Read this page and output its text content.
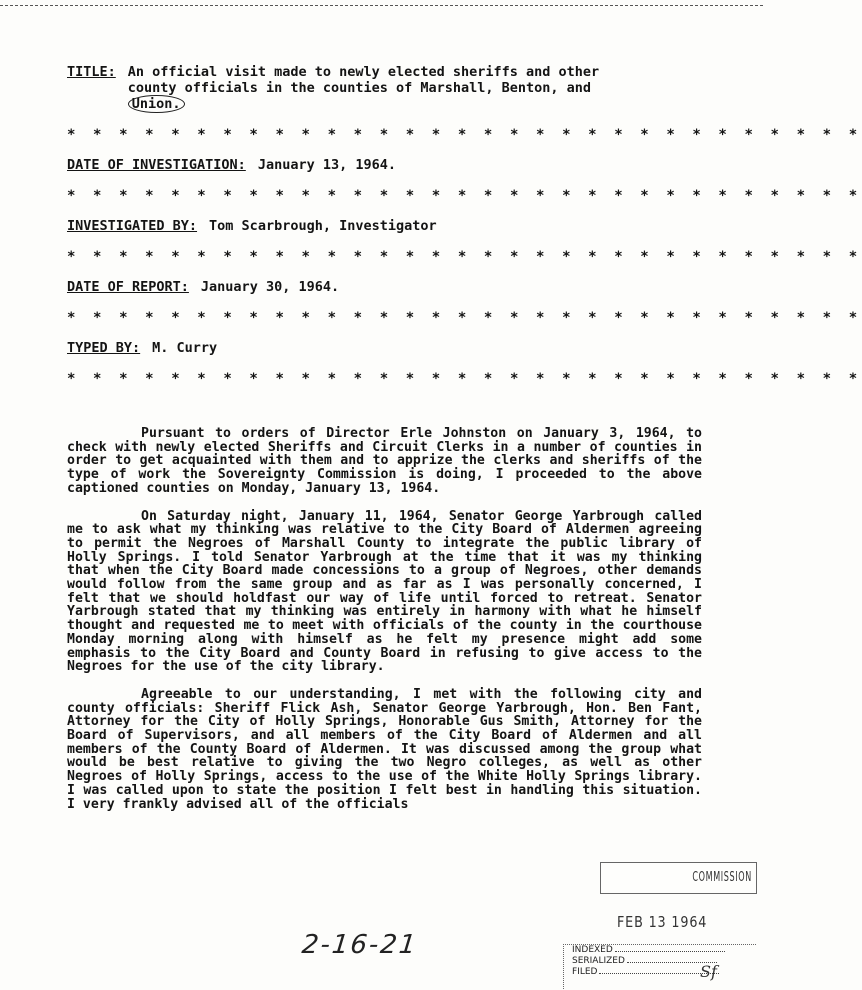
TITLE: An official visit made to newly elected sheriffs and other
county officials in the counties of Marshall, Benton, and
Union.
* * * * * * * * * * * * * * * * * * * * * * * * * * * * * * *
DATE OF INVESTIGATION: January 13, 1964.
* * * * * * * * * * * * * * * * * * * * * * * * * * * * * * *
INVESTIGATED BY: Tom Scarbrough, Investigator
* * * * * * * * * * * * * * * * * * * * * * * * * * * * * * *
DATE OF REPORT: January 30, 1964.
* * * * * * * * * * * * * * * * * * * * * * * * * * * * * * *
TYPED BY: M. Curry
* * * * * * * * * * * * * * * * * * * * * * * * * * * * * * *

Pursuant to orders of Director Erle Johnston on January 3, 1964, to check with newly elected Sheriffs and Circuit Clerks in a number of counties in order to get acquainted with them and to apprize the clerks and sheriffs of the type of work the Sovereignty Commission is doing, I proceeded to the above captioned counties on Monday, January 13, 1964.

On Saturday night, January 11, 1964, Senator George Yarbrough called me to ask what my thinking was relative to the City Board of Aldermen agreeing to permit the Negroes of Marshall County to integrate the public library of Holly Springs. I told Senator Yarbrough at the time that it was my thinking that when the City Board made concessions to a group of Negroes, other demands would follow from the same group and as far as I was personally concerned, I felt that we should holdfast our way of life until forced to retreat. Senator Yarbrough stated that my thinking was entirely in harmony with what he himself thought and requested me to meet with officials of the county in the courthouse Monday morning along with himself as he felt my presence might add some emphasis to the City Board and County Board in refusing to give access to the Negroes for the use of the city library.

Agreeable to our understanding, I met with the following city and county officials: Sheriff Flick Ash, Senator George Yarbrough, Hon. Ben Fant, Attorney for the City of Holly Springs, Honorable Gus Smith, Attorney for the Board of Supervisors, and all members of the City Board of Aldermen and all members of the County Board of Aldermen. It was discussed among the group what would be best relative to giving the two Negro colleges, as well as other Negroes of Holly Springs, access to the use of the White Holly Springs library. I was called upon to state the position I felt best in handling this situation. I very frankly advised all of the officials

COMMISSION
FEB 13 1964
INDEXED
SERIALIZED
FILED	Sf
2-16-21
